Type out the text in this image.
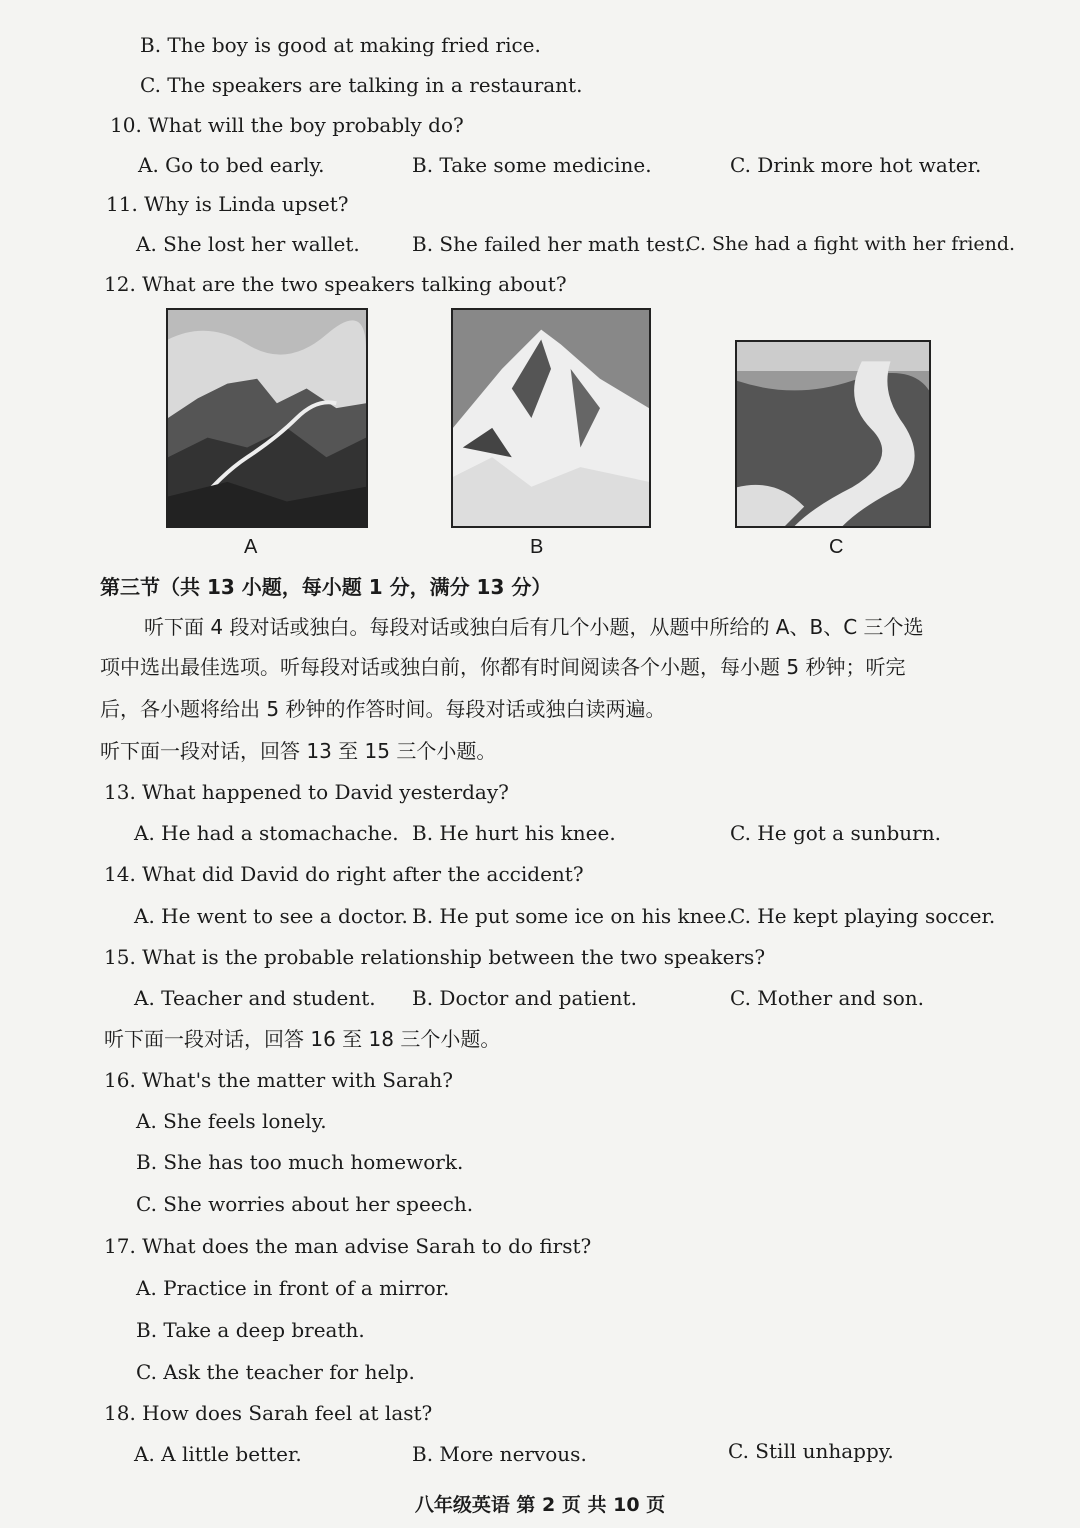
B. The boy is good at making fried rice.
C. The speakers are talking in a restaurant.
10. What will the boy probably do?
A. Go to bed early.	B. Take some medicine.	C. Drink more hot water.
11. Why is Linda upset?
A. She lost her wallet.	B. She failed her math test.
C. She had a fight with her friend.
12. What are the two speakers talking about?
A	B	C
第三节（共 13 小题，每小题 1 分，满分 13 分）
听下面 4 段对话或独白。每段对话或独白后有几个小题，从题中所给的 A、B、C 三个选
项中选出最佳选项。听每段对话或独白前，你都有时间阅读各个小题，每小题 5 秒钟；听完
后，各小题将给出 5 秒钟的作答时间。每段对话或独白读两遍。
听下面一段对话，回答 13 至 15 三个小题。
13. What happened to David yesterday?
A. He had a stomachache. B. He hurt his knee.	C. He got a sunburn.
14. What did David do right after the accident?
A. He went to see a doctor. B. He put some ice on his knee.
C. He kept playing soccer.
15. What is the probable relationship between the two speakers?
A. Teacher and student. B. Doctor and patient.	C. Mother and son.
听下面一段对话，回答 16 至 18 三个小题。
16. What's the matter with Sarah?
A. She feels lonely.
B. She has too much homework.
C. She worries about her speech.
17. What does the man advise Sarah to do first?
A. Practice in front of a mirror.
B. Take a deep breath.
C. Ask the teacher for help.
18. How does Sarah feel at last?
A. A little better.	B. More nervous.	C. Still unhappy.
八年级英语 第 2 页 共 10 页
